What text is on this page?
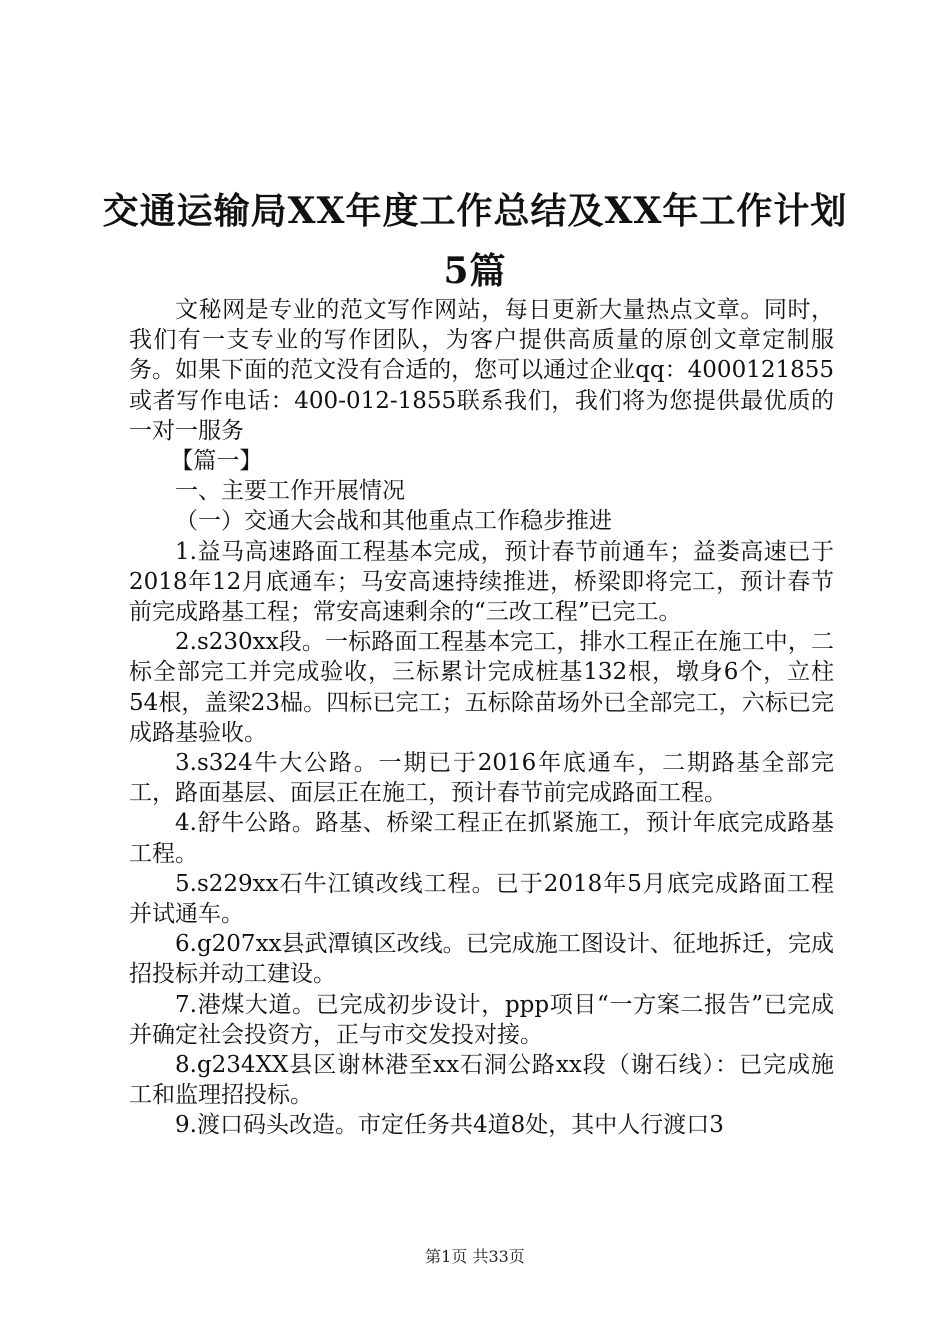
交通运输局XX年度工作总结及XX年工作计划
5篇

文秘网是专业的范文写作网站，每日更新大量热点文章。同时，我们有一支专业的写作团队，为客户提供高质量的原创文章定制服务。如果下面的范文没有合适的，您可以通过企业qq：4000121855或者写作电话：400-012-1855联系我们，我们将为您提供最优质的一对一服务

【篇一】

一、主要工作开展情况

（一）交通大会战和其他重点工作稳步推进

1.益马高速路面工程基本完成，预计春节前通车；益娄高速已于2018年12月底通车；马安高速持续推进，桥梁即将完工，预计春节前完成路基工程；常安高速剩余的“三改工程”已完工。

2.s230xx段。一标路面工程基本完工，排水工程正在施工中，二标全部完工并完成验收，三标累计完成桩基132根，墩身6个，立柱54根，盖梁23榀。四标已完工；五标除苗场外已全部完工，六标已完成路基验收。

3.s324牛大公路。一期已于2016年底通车，二期路基全部完工，路面基层、面层正在施工，预计春节前完成路面工程。

4.舒牛公路。路基、桥梁工程正在抓紧施工，预计年底完成路基工程。

5.s229xx石牛江镇改线工程。已于2018年5月底完成路面工程并试通车。

6.g207xx县武潭镇区改线。已完成施工图设计、征地拆迁，完成招投标并动工建设。

7.港煤大道。已完成初步设计，ppp项目“一方案二报告”已完成并确定社会投资方，正与市交发投对接。

8.g234XX县区谢林港至xx石洞公路xx段（谢石线）：已完成施工和监理招投标。

9.渡口码头改造。市定任务共4道8处，其中人行渡口3

第1页 共33页
